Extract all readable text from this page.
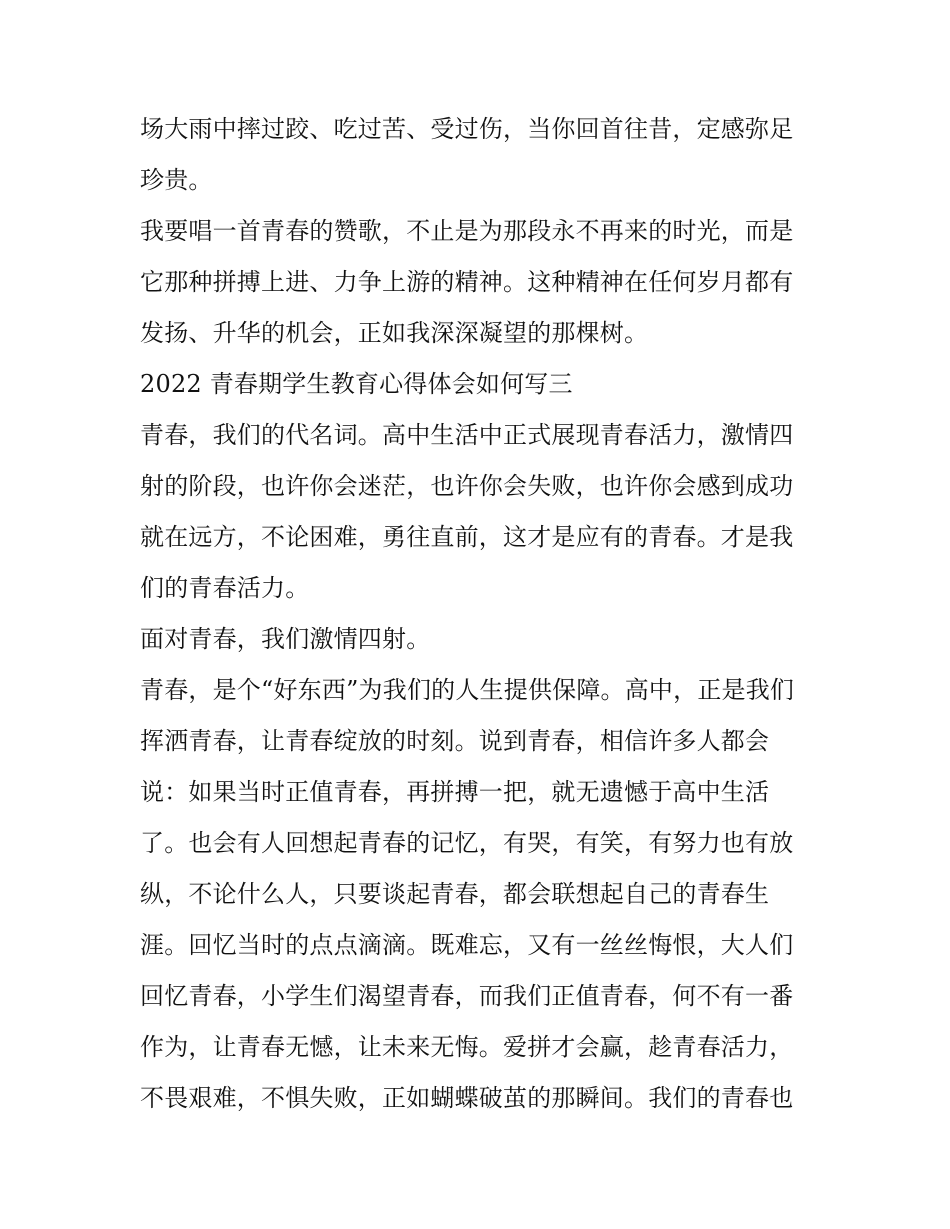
场大雨中摔过跤、吃过苦、受过伤，当你回首往昔，定感弥足
珍贵。
我要唱一首青春的赞歌，不止是为那段永不再来的时光，而是
它那种拼搏上进、力争上游的精神。这种精神在任何岁月都有
发扬、升华的机会，正如我深深凝望的那棵树。
2022 青春期学生教育心得体会如何写三
青春，我们的代名词。高中生活中正式展现青春活力，激情四
射的阶段，也许你会迷茫，也许你会失败，也许你会感到成功
就在远方，不论困难，勇往直前，这才是应有的青春。才是我
们的青春活力。
面对青春，我们激情四射。
青春，是个“好东西”为我们的人生提供保障。高中，正是我们
挥洒青春，让青春绽放的时刻。说到青春，相信许多人都会
说：如果当时正值青春，再拼搏一把，就无遗憾于高中生活
了。也会有人回想起青春的记忆，有哭，有笑，有努力也有放
纵，不论什么人，只要谈起青春，都会联想起自己的青春生
涯。回忆当时的点点滴滴。既难忘，又有一丝丝悔恨，大人们
回忆青春，小学生们渴望青春，而我们正值青春，何不有一番
作为，让青春无憾，让未来无悔。爱拼才会赢，趁青春活力，
不畏艰难，不惧失败，正如蝴蝶破茧的那瞬间。我们的青春也
